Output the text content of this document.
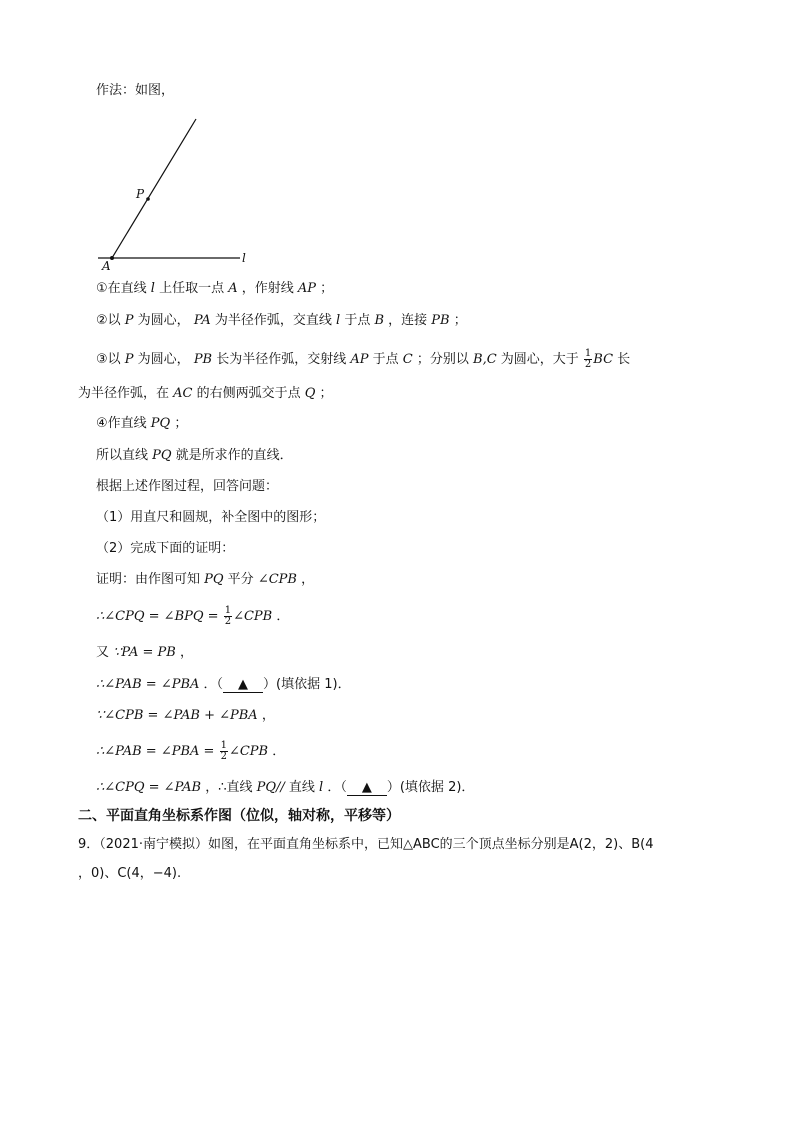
作法：如图，
P
A
l
①在直线 l 上任取一点 A ，作射线 AP ；
②以 P 为圆心， PA 为半径作弧，交直线 l 于点 B ，连接 PB ；
③以 P 为圆心， PB 长为半径作弧，交射线 AP 于点 C ；分别以 B,C 为圆心，大于 $\frac{1}{2}$ BC 长
为半径作弧，在 AC 的右侧两弧交于点 Q ；
④作直线 PQ ；
所以直线 PQ 就是所求作的直线．
根据上述作图过程，回答问题：
（1）用直尺和圆规，补全图中的图形；
（2）完成下面的证明：
证明：由作图可知 PQ 平分 ∠CPB ，
∴∠CPQ = ∠BPQ = $\frac{1}{2}$ ∠CPB ．
又 ∵PA = PB ，
∴∠PAB = ∠PBA ．（ ▲ ）(填依据 1)．
∵∠CPB = ∠PAB + ∠PBA ，
∴∠PAB = ∠PBA = $\frac{1}{2}$ ∠CPB ．
∴∠CPQ = ∠PAB ，∴直线 PQ// 直线 l ．（ ▲ ）(填依据 2)．
二、平面直角坐标系作图（位似，轴对称，平移等）
9．（2021·南宁模拟）如图，在平面直角坐标系中，已知△ABC的三个顶点坐标分别是A(2，2)、B(4
，0)、C(4，−4).
